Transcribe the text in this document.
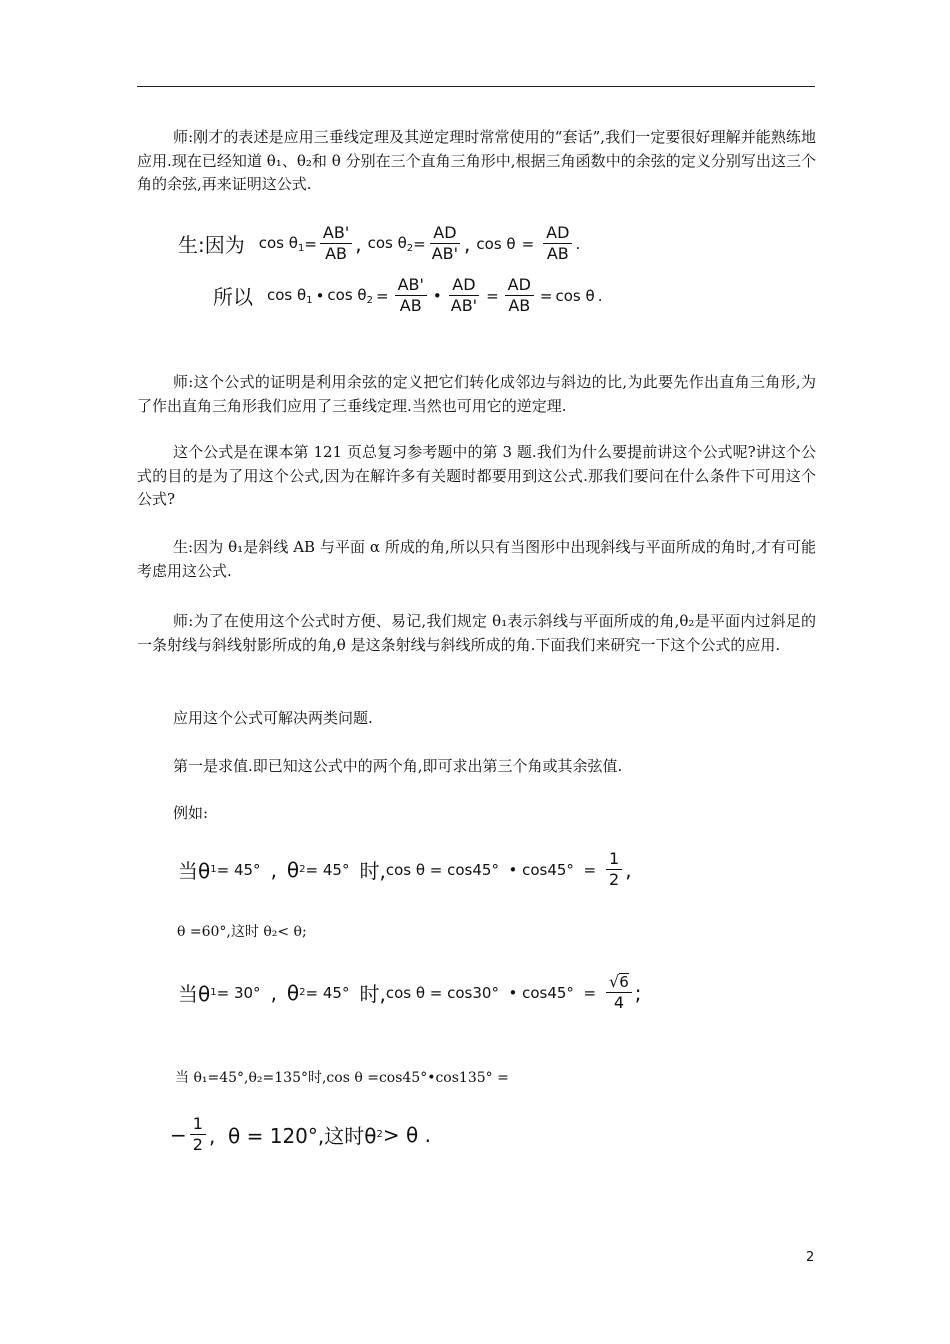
师:刚才的表述是应用三垂线定理及其逆定理时常常使用的“套话”,我们一定要很好理解并能熟练地应用.现在已经知道 θ₁、θ₂和 θ 分别在三个直角三角形中,根据三角函数中的余弦的定义分别写出这三个角的余弦,再来证明这公式.

生:因为 $\cos \theta_1 = \frac{AB'}{AB}$ , $\cos \theta_2 = \frac{AD}{AB'}$ , $\cos \theta = \frac{AD}{AB}$ .
所以 $\cos \theta_1$ • $\cos \theta_2 = \frac{AB'}{AB}$ • $\frac{AD}{AB'} = \frac{AD}{AB} = \cos \theta$ .

师:这个公式的证明是利用余弦的定义把它们转化成邻边与斜边的比,为此要先作出直角三角形,为了作出直角三角形我们应用了三垂线定理.当然也可用它的逆定理.

这个公式是在课本第 121 页总复习参考题中的第 3 题.我们为什么要提前讲这个公式呢?讲这个公式的目的是为了用这个公式,因为在解许多有关题时都要用到这公式.那我们要问在什么条件下可用这个公式?

生:因为 θ₁是斜线 AB 与平面 α 所成的角,所以只有当图形中出现斜线与平面所成的角时,才有可能考虑用这公式.

师:为了在使用这个公式时方便、易记,我们规定 θ₁表示斜线与平面所成的角,θ₂是平面内过斜足的一条射线与斜线射影所成的角,θ 是这条射线与斜线所成的角.下面我们来研究一下这个公式的应用.

应用这个公式可解决两类问题.
第一是求值.即已知这公式中的两个角,即可求出第三个角或其余弦值.
例如:
当θ 1 = 45° , θ 2 = 45° 时, cos θ = cos45°  • $\cos 45^\circ = \frac{1}{2}$ ,
θ =60°,这时 θ₂< θ;
当θ 1 = 30° , θ 2 = 45° 时, cos θ = cos30°  • $\cos 45^\circ = \frac{√ 6}{4}$ ;
当 θ₁=45°,θ₂=135°时,cos θ =cos45°•cos135° =
− $\frac{1}{2}$ ,  θ = 120°,这时θ 2 > θ .
2
